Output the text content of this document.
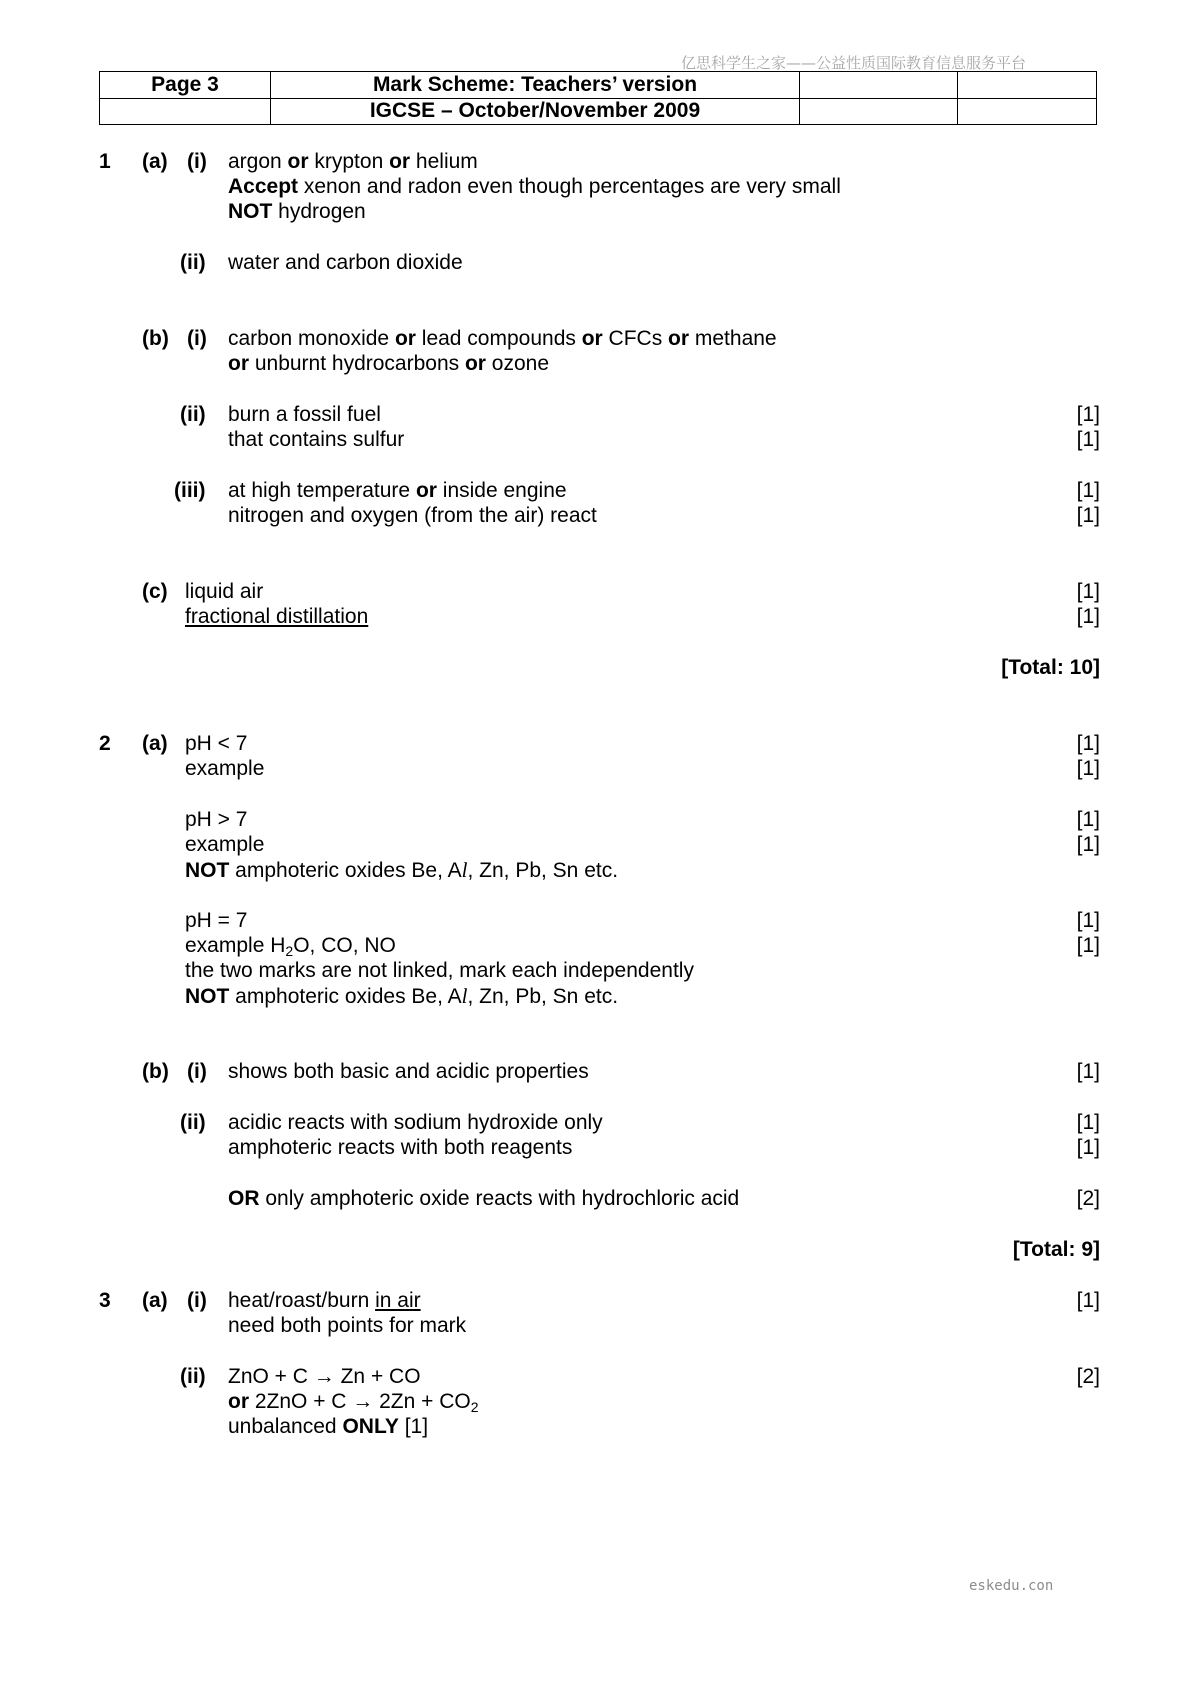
亿思科学生之家——公益性质国际教育信息服务平台
Page 3	Mark Scheme: Teachers’ version		
	IGCSE – October/November 2009		
1 (a) (i) argon or krypton or helium
Accept xenon and radon even though percentages are very small
NOT hydrogen
(ii) water and carbon dioxide
(b) (i) carbon monoxide or lead compounds or CFCs or methane
or unburnt hydrocarbons or ozone
(ii) burn a fossil fuel	[1]
that contains sulfur	[1]
(iii) at high temperature or inside engine	[1]
nitrogen and oxygen (from the air) react	[1]
(c) liquid air	[1]
fractional distillation	[1]
[Total: 10]
2 (a) pH < 7	[1]
example	[1]
pH > 7	[1]
example	[1]
NOT amphoteric oxides Be, Al, Zn, Pb, Sn etc.
pH = 7	[1]
example $H_2O$, CO, NO	[1]
the two marks are not linked, mark each independently
NOT amphoteric oxides Be, Al, Zn, Pb, Sn etc.
(b) (i) shows both basic and acidic properties	[1]
(ii) acidic reacts with sodium hydroxide only	[1]
amphoteric reacts with both reagents	[1]
OR only amphoteric oxide reacts with hydrochloric acid	[2]
[Total: 9]
3 (a) (i) heat/roast/burn in air	[1]
need both points for mark
(ii) ZnO + C → Zn + CO	[2]
or $2ZnO + C \to 2Zn + CO_2$
unbalanced ONLY [1]
eskedu.con
